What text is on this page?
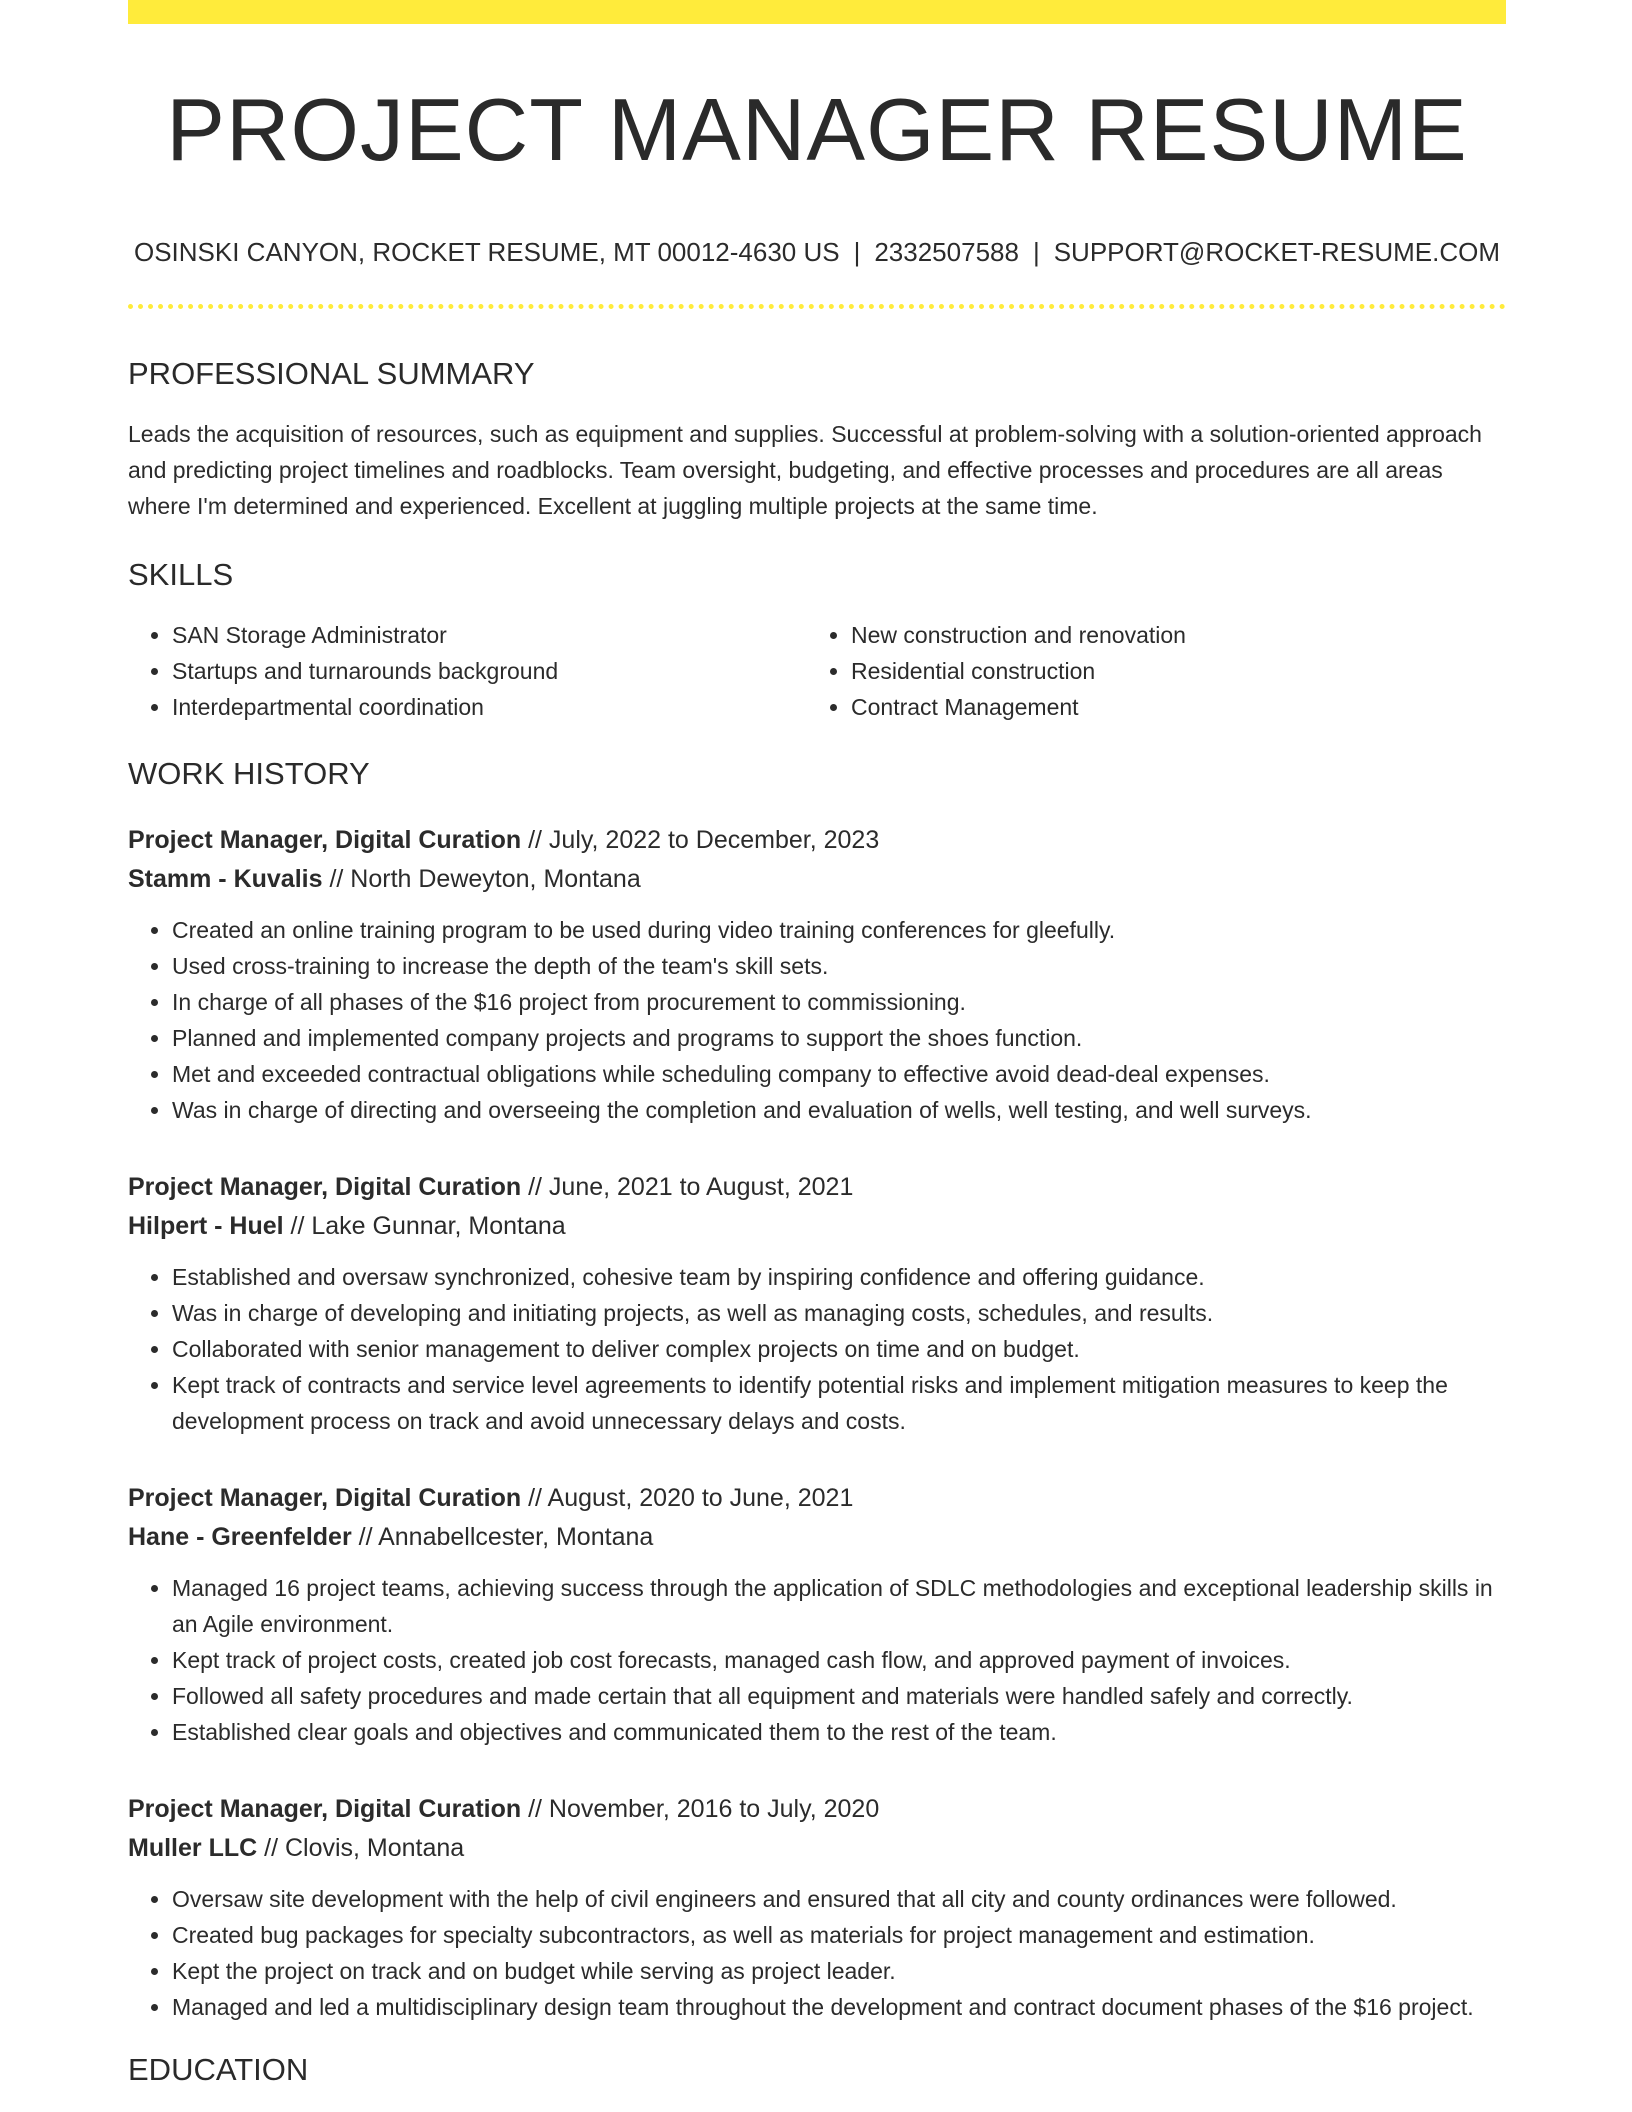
PROJECT MANAGER RESUME
OSINSKI CANYON, ROCKET RESUME, MT 00012-4630 US | 2332507588 | SUPPORT@ROCKET-RESUME.COM
PROFESSIONAL SUMMARY

Leads the acquisition of resources, such as equipment and supplies. Successful at problem-solving with a solution-oriented approach and predicting project timelines and roadblocks. Team oversight, budgeting, and effective processes and procedures are all areas where I'm determined and experienced. Excellent at juggling multiple projects at the same time.

SKILLS
• SAN Storage Administrator
• Startups and turnarounds background
• Interdepartmental coordination
• New construction and renovation
• Residential construction
• Contract Management
WORK HISTORY
Project Manager, Digital Curation // July, 2022 to December, 2023
Stamm - Kuvalis // North Deweyton, Montana
• Created an online training program to be used during video training conferences for gleefully.
• Used cross-training to increase the depth of the team's skill sets.
• In charge of all phases of the $16 project from procurement to commissioning.
• Planned and implemented company projects and programs to support the shoes function.
• Met and exceeded contractual obligations while scheduling company to effective avoid dead-deal expenses.
• Was in charge of directing and overseeing the completion and evaluation of wells, well testing, and well surveys.
Project Manager, Digital Curation // June, 2021 to August, 2021
Hilpert - Huel // Lake Gunnar, Montana
• Established and oversaw synchronized, cohesive team by inspiring confidence and offering guidance.
• Was in charge of developing and initiating projects, as well as managing costs, schedules, and results.
• Collaborated with senior management to deliver complex projects on time and on budget.
• Kept track of contracts and service level agreements to identify potential risks and implement mitigation measures to keep the development process on track and avoid unnecessary delays and costs.
Project Manager, Digital Curation // August, 2020 to June, 2021
Hane - Greenfelder // Annabellcester, Montana
• Managed 16 project teams, achieving success through the application of SDLC methodologies and exceptional leadership skills in an Agile environment.
• Kept track of project costs, created job cost forecasts, managed cash flow, and approved payment of invoices.
• Followed all safety procedures and made certain that all equipment and materials were handled safely and correctly.
• Established clear goals and objectives and communicated them to the rest of the team.
Project Manager, Digital Curation // November, 2016 to July, 2020
Muller LLC // Clovis, Montana
• Oversaw site development with the help of civil engineers and ensured that all city and county ordinances were followed.
• Created bug packages for specialty subcontractors, as well as materials for project management and estimation.
• Kept the project on track and on budget while serving as project leader.
• Managed and led a multidisciplinary design team throughout the development and contract document phases of the $16 project.
EDUCATION
